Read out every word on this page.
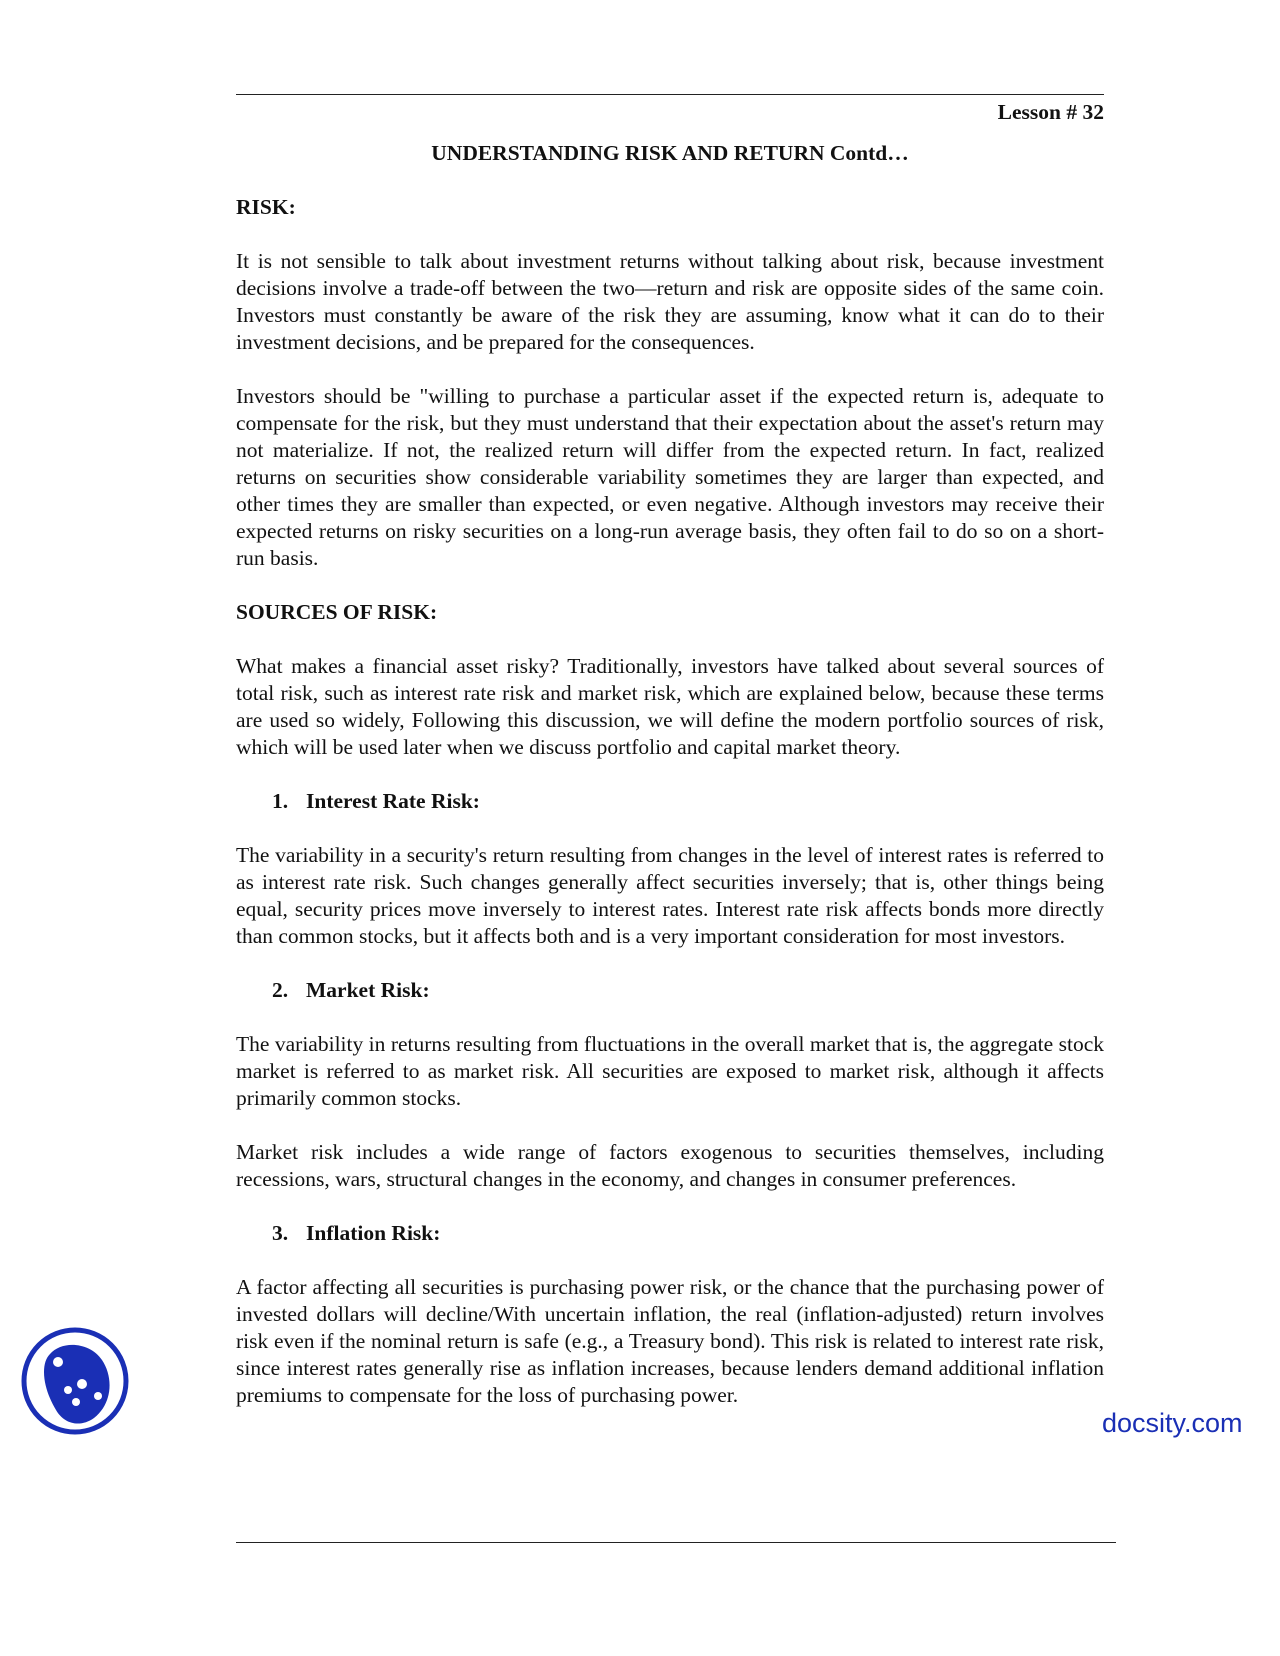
Lesson # 32

UNDERSTANDING RISK AND RETURN Contd…

RISK:

It is not sensible to talk about investment returns without talking about risk, because investment decisions involve a trade-off between the two—return and risk are opposite sides of the same coin. Investors must constantly be aware of the risk they are assuming, know what it can do to their investment decisions, and be prepared for the consequences.

Investors should be "willing to purchase a particular asset if the expected return is, adequate to compensate for the risk, but they must understand that their expectation about the asset's return may not materialize. If not, the realized return will differ from the expected return. In fact, realized returns on securities show considerable variability sometimes they are larger than expected, and other times they are smaller than expected, or even negative. Although investors may receive their expected returns on risky securities on a long-run average basis, they often fail to do so on a short-run basis.

SOURCES OF RISK:

What makes a financial asset risky? Traditionally, investors have talked about several sources of total risk, such as interest rate risk and market risk, which are explained below, because these terms are used so widely, Following this discussion, we will define the modern portfolio sources of risk, which will be used later when we discuss portfolio and capital market theory.

1. Interest Rate Risk:

The variability in a security's return resulting from changes in the level of interest rates is referred to as interest rate risk. Such changes generally affect securities inversely; that is, other things being equal, security prices move inversely to interest rates. Interest rate risk affects bonds more directly than common stocks, but it affects both and is a very important consideration for most investors.

2. Market Risk:

The variability in returns resulting from fluctuations in the overall market that is, the aggregate stock market is referred to as market risk. All securities are exposed to market risk, although it affects primarily common stocks.

Market risk includes a wide range of factors exogenous to securities themselves, including recessions, wars, structural changes in the economy, and changes in consumer preferences.

3. Inflation Risk:

A factor affecting all securities is purchasing power risk, or the chance that the purchasing power of invested dollars will decline/With uncertain inflation, the real (inflation-adjusted) return involves risk even if the nominal return is safe (e.g., a Treasury bond). This risk is related to interest rate risk, since interest rates generally rise as inflation increases, because lenders demand additional inflation premiums to compensate for the loss of purchasing power.

docsity.com
